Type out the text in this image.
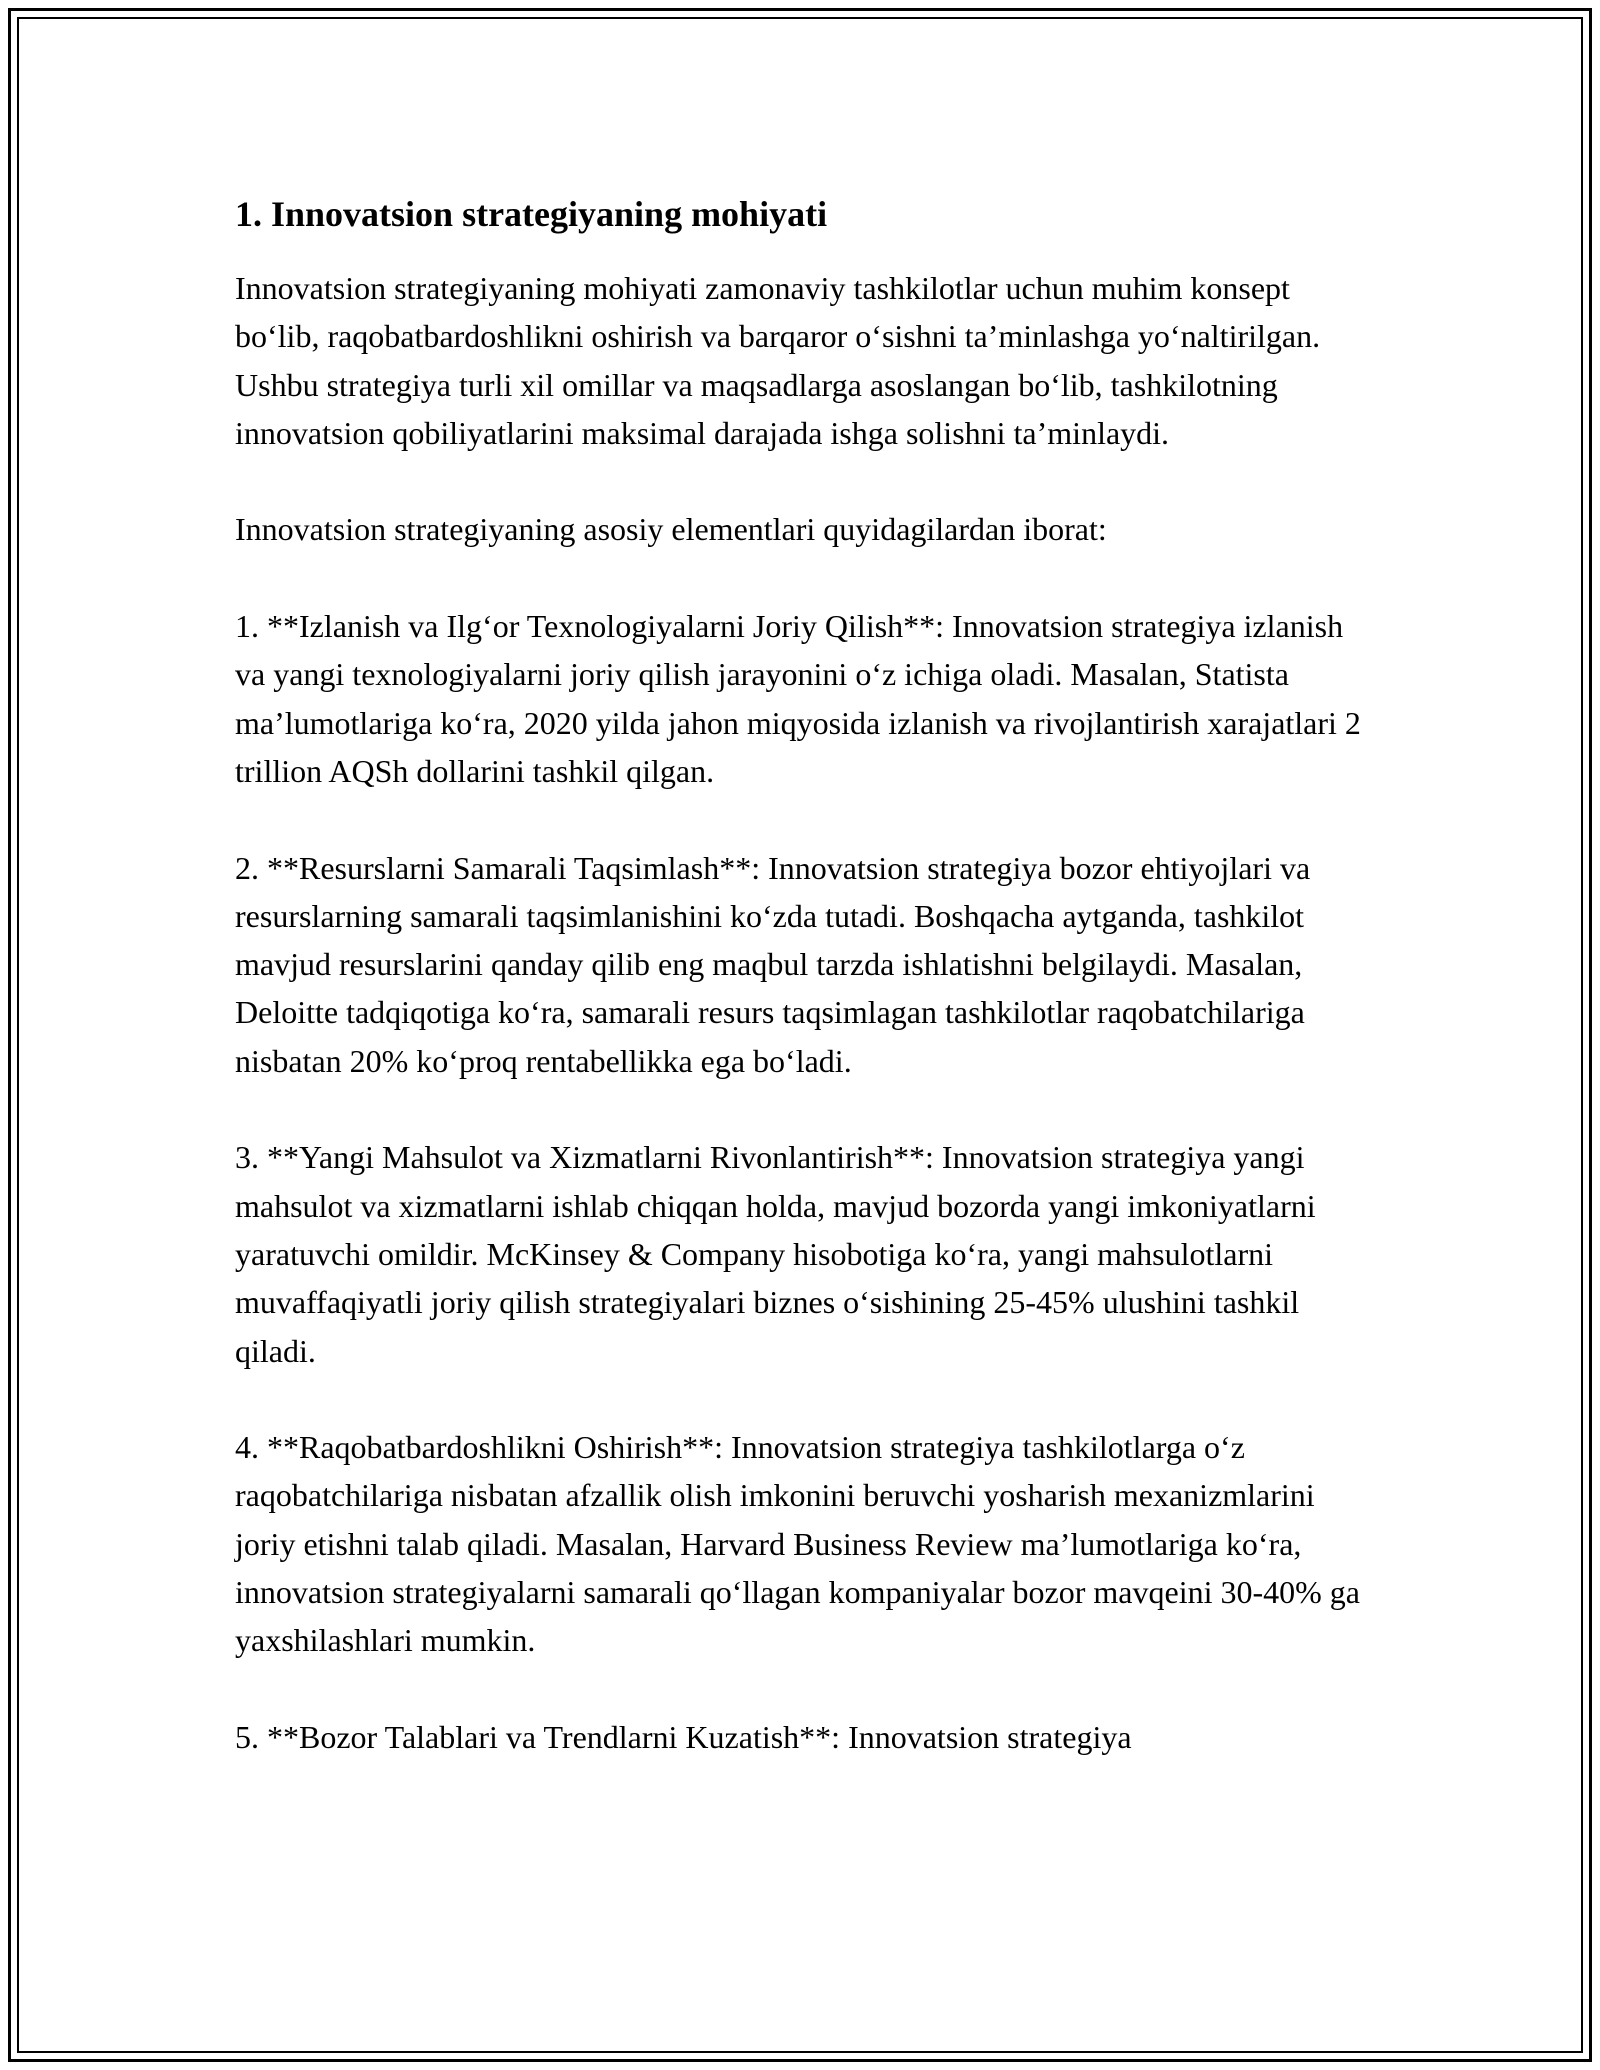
1. Innovatsion strategiyaning mohiyati

Innovatsion strategiyaning mohiyati zamonaviy tashkilotlar uchun muhim konsept bo‘lib, raqobatbardoshlikni oshirish va barqaror o‘sishni ta’minlashga yo‘naltirilgan. Ushbu strategiya turli xil omillar va maqsadlarga asoslangan bo‘lib, tashkilotning innovatsion qobiliyatlarini maksimal darajada ishga solishni ta’minlaydi.

Innovatsion strategiyaning asosiy elementlari quyidagilardan iborat:

1. **Izlanish va Ilg‘or Texnologiyalarni Joriy Qilish**: Innovatsion strategiya izlanish va yangi texnologiyalarni joriy qilish jarayonini o‘z ichiga oladi. Masalan, Statista ma’lumotlariga ko‘ra, 2020 yilda jahon miqyosida izlanish va rivojlantirish xarajatlari 2 trillion AQSh dollarini tashkil qilgan.

2. **Resurslarni Samarali Taqsimlash**: Innovatsion strategiya bozor ehtiyojlari va resurslarning samarali taqsimlanishini ko‘zda tutadi. Boshqacha aytganda, tashkilot mavjud resurslarini qanday qilib eng maqbul tarzda ishlatishni belgilaydi. Masalan, Deloitte tadqiqotiga ko‘ra, samarali resurs taqsimlagan tashkilotlar raqobatchilariga nisbatan 20% ko‘proq rentabellikka ega bo‘ladi.

3. **Yangi Mahsulot va Xizmatlarni Rivonlantirish**: Innovatsion strategiya yangi mahsulot va xizmatlarni ishlab chiqqan holda, mavjud bozorda yangi imkoniyatlarni yaratuvchi omildir. McKinsey & Company hisobotiga ko‘ra, yangi mahsulotlarni muvaffaqiyatli joriy qilish strategiyalari biznes o‘sishining 25-45% ulushini tashkil qiladi.

4. **Raqobatbardoshlikni Oshirish**: Innovatsion strategiya tashkilotlarga o‘z raqobatchilariga nisbatan afzallik olish imkonini beruvchi yosharish mexanizmlarini joriy etishni talab qiladi. Masalan, Harvard Business Review ma’lumotlariga ko‘ra, innovatsion strategiyalarni samarali qo‘llagan kompaniyalar bozor mavqeini 30-40% ga yaxshilashlari mumkin.

5. **Bozor Talablari va Trendlarni Kuzatish**: Innovatsion strategiya
